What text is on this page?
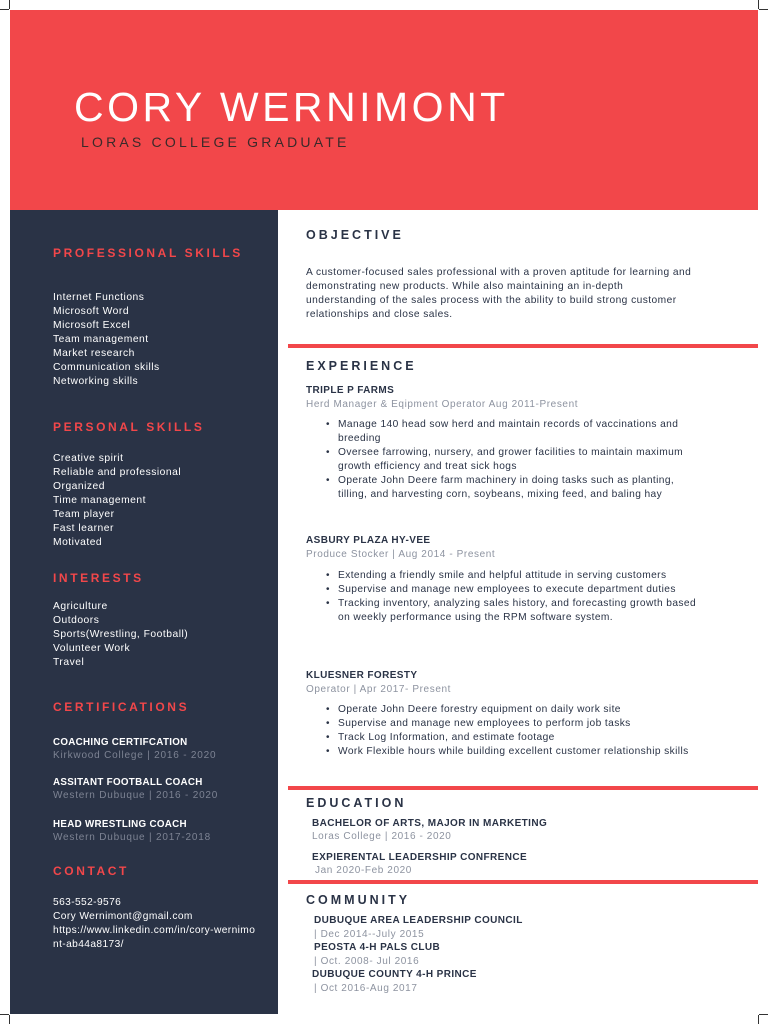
CORY WERNIMONT
LORAS COLLEGE GRADUATE
PROFESSIONAL SKILLS
Internet Functions
Microsoft Word
Microsoft Excel
Team management
Market research
Communication skills
Networking skills
PERSONAL SKILLS
Creative spirit
Reliable and professional
Organized
Time management
Team player
Fast learner
Motivated
INTERESTS
Agriculture
Outdoors
Sports(Wrestling, Football)
Volunteer Work
Travel
CERTIFICATIONS
COACHING CERTIFCATION
Kirkwood College | 2016 - 2020
ASSITANT FOOTBALL COACH
Western Dubuque | 2016 - 2020
HEAD WRESTLING COACH
Western Dubuque | 2017-2018
CONTACT
563-552-9576
Cory Wernimont@gmail.com
https://www.linkedin.com/in/cory-wernimont-ab44a8173/
OBJECTIVE
A customer-focused sales professional with a proven aptitude for learning and demonstrating new products. While also maintaining an in-depth understanding of the sales process with the ability to build strong customer relationships and close sales.
EXPERIENCE
TRIPLE P FARMS
Herd Manager & Eqipment Operator Aug 2011-Present
• Manage 140 head sow herd and maintain records of vaccinations and breeding
• Oversee farrowing, nursery, and grower facilities to maintain maximum growth efficiency and treat sick hogs
• Operate John Deere farm machinery in doing tasks such as planting, tilling, and harvesting corn, soybeans, mixing feed, and baling hay
ASBURY PLAZA HY-VEE
Produce Stocker | Aug 2014 - Present
• Extending a friendly smile and helpful attitude in serving customers
• Supervise and manage new employees to execute department duties
• Tracking inventory, analyzing sales history, and forecasting growth based on weekly performance using the RPM software system.
KLUESNER FORESTY
Operator | Apr 2017- Present
• Operate John Deere forestry equipment on daily work site
• Supervise and manage new employees to perform job tasks
• Track Log Information, and estimate footage
• Work Flexible hours while building excellent customer relationship skills
EDUCATION
BACHELOR OF ARTS, MAJOR IN MARKETING
Loras College | 2016 - 2020
EXPIERENTAL LEADERSHIP CONFRENCE
Jan 2020-Feb 2020
COMMUNITY
DUBUQUE AREA LEADERSHIP COUNCIL
| Dec 2014--July 2015
PEOSTA 4-H PALS CLUB
| Oct. 2008- Jul 2016
DUBUQUE COUNTY 4-H PRINCE
| Oct 2016-Aug 2017
